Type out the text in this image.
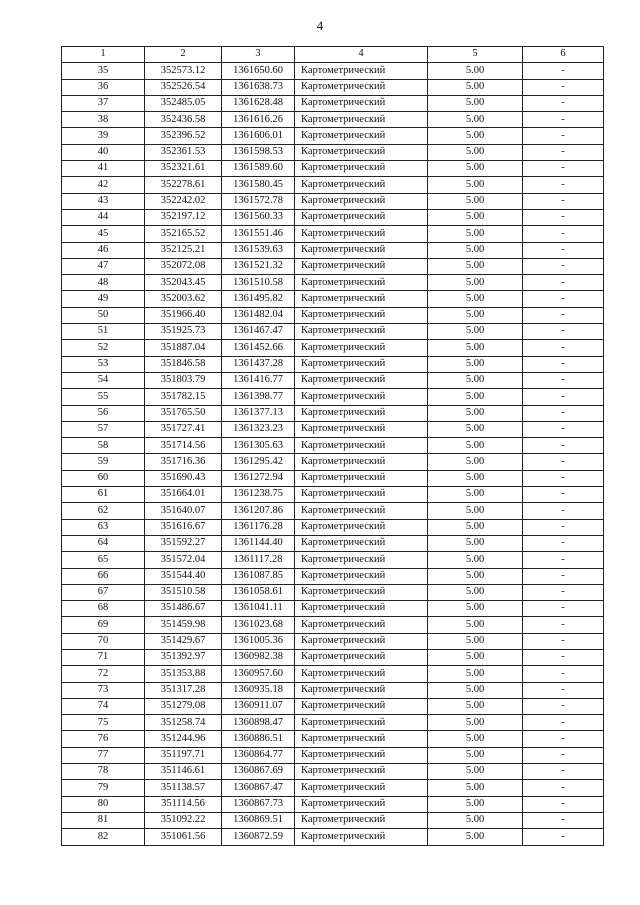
4
1	2	3	4	5	6
35	352573.12	1361650.60	Картометрический	5.00	-
36	352526.54	1361638.73	Картометрический	5.00	-
37	352485.05	1361628.48	Картометрический	5.00	-
38	352436.58	1361616.26	Картометрический	5.00	-
39	352396.52	1361606.01	Картометрический	5.00	-
40	352361.53	1361598.53	Картометрический	5.00	-
41	352321.61	1361589.60	Картометрический	5.00	-
42	352278.61	1361580.45	Картометрический	5.00	-
43	352242.02	1361572.78	Картометрический	5.00	-
44	352197.12	1361560.33	Картометрический	5.00	-
45	352165.52	1361551.46	Картометрический	5.00	-
46	352125.21	1361539.63	Картометрический	5.00	-
47	352072.08	1361521.32	Картометрический	5.00	-
48	352043.45	1361510.58	Картометрический	5.00	-
49	352003.62	1361495.82	Картометрический	5.00	-
50	351966.40	1361482.04	Картометрический	5.00	-
51	351925.73	1361467.47	Картометрический	5.00	-
52	351887.04	1361452.66	Картометрический	5.00	-
53	351846.58	1361437.28	Картометрический	5.00	-
54	351803.79	1361416.77	Картометрический	5.00	-
55	351782.15	1361398.77	Картометрический	5.00	-
56	351765.50	1361377.13	Картометрический	5.00	-
57	351727.41	1361323.23	Картометрический	5.00	-
58	351714.56	1361305.63	Картометрический	5.00	-
59	351716.36	1361295.42	Картометрический	5.00	-
60	351690.43	1361272.94	Картометрический	5.00	-
61	351664.01	1361238.75	Картометрический	5.00	-
62	351640.07	1361207.86	Картометрический	5.00	-
63	351616.67	1361176.28	Картометрический	5.00	-
64	351592.27	1361144.40	Картометрический	5.00	-
65	351572.04	1361117.28	Картометрический	5.00	-
66	351544.40	1361087.85	Картометрический	5.00	-
67	351510.58	1361058.61	Картометрический	5.00	-
68	351486.67	1361041.11	Картометрический	5.00	-
69	351459.98	1361023.68	Картометрический	5.00	-
70	351429.67	1361005.36	Картометрический	5.00	-
71	351392.97	1360982.38	Картометрический	5.00	-
72	351353.88	1360957.60	Картометрический	5.00	-
73	351317.28	1360935.18	Картометрический	5.00	-
74	351279.08	1360911.07	Картометрический	5.00	-
75	351258.74	1360898.47	Картометрический	5.00	-
76	351244.96	1360886.51	Картометрический	5.00	-
77	351197.71	1360864.77	Картометрический	5.00	-
78	351146.61	1360867.69	Картометрический	5.00	-
79	351138.57	1360867.47	Картометрический	5.00	-
80	351114.56	1360867.73	Картометрический	5.00	-
81	351092.22	1360869.51	Картометрический	5.00	-
82	351061.56	1360872.59	Картометрический	5.00	-
